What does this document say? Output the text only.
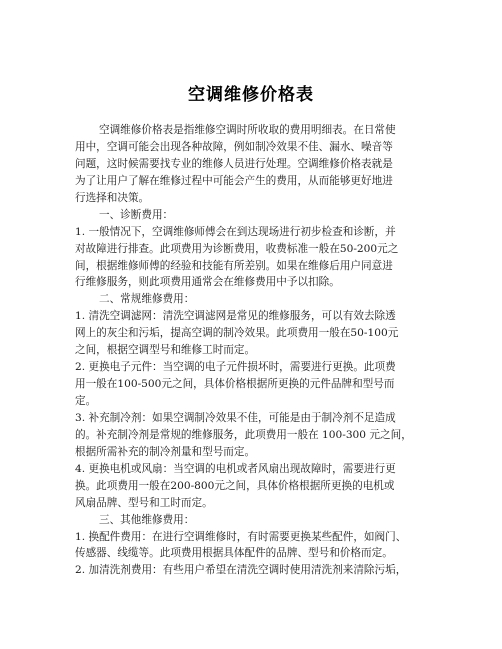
空调维修价格表
空调维修价格表是指维修空调时所收取的费用明细表。在日常使
用中，空调可能会出现各种故障，例如制冷效果不佳、漏水、噪音等
问题，这时候需要找专业的维修人员进行处理。空调维修价格表就是
为了让用户了解在维修过程中可能会产生的费用，从而能够更好地进
行选择和决策。
一、诊断费用：
1. 一般情况下，空调维修师傅会在到达现场进行初步检查和诊断，并
对故障进行排查。此项费用为诊断费用，收费标准一般在50-200元之
间，根据维修师傅的经验和技能有所差别。如果在维修后用户同意进
行维修服务，则此项费用通常会在维修费用中予以扣除。
二、常规维修费用：
1. 清洗空调滤网：清洗空调滤网是常见的维修服务，可以有效去除透
网上的灰尘和污垢，提高空调的制冷效果。此项费用一般在50-100元
之间，根据空调型号和维修工时而定。
2. 更换电子元件：当空调的电子元件损坏时，需要进行更换。此项费
用一般在100-500元之间，具体价格根据所更换的元件品牌和型号而
定。
3. 补充制冷剂：如果空调制冷效果不佳，可能是由于制冷剂不足造成
的。补充制冷剂是常规的维修服务，此项费用一般在 100-300 元之间，
根据所需补充的制冷剂量和型号而定。
4. 更换电机或风扇：当空调的电机或者风扇出现故障时，需要进行更
换。此项费用一般在200-800元之间，具体价格根据所更换的电机或
风扇品牌、型号和工时而定。
三、其他维修费用：
1. 换配件费用：在进行空调维修时，有时需要更换某些配件，如阀门、
传感器、线缆等。此项费用根据具体配件的品牌、型号和价格而定。
2. 加清洗剂费用：有些用户希望在清洗空调时使用清洗剂来清除污垢，
